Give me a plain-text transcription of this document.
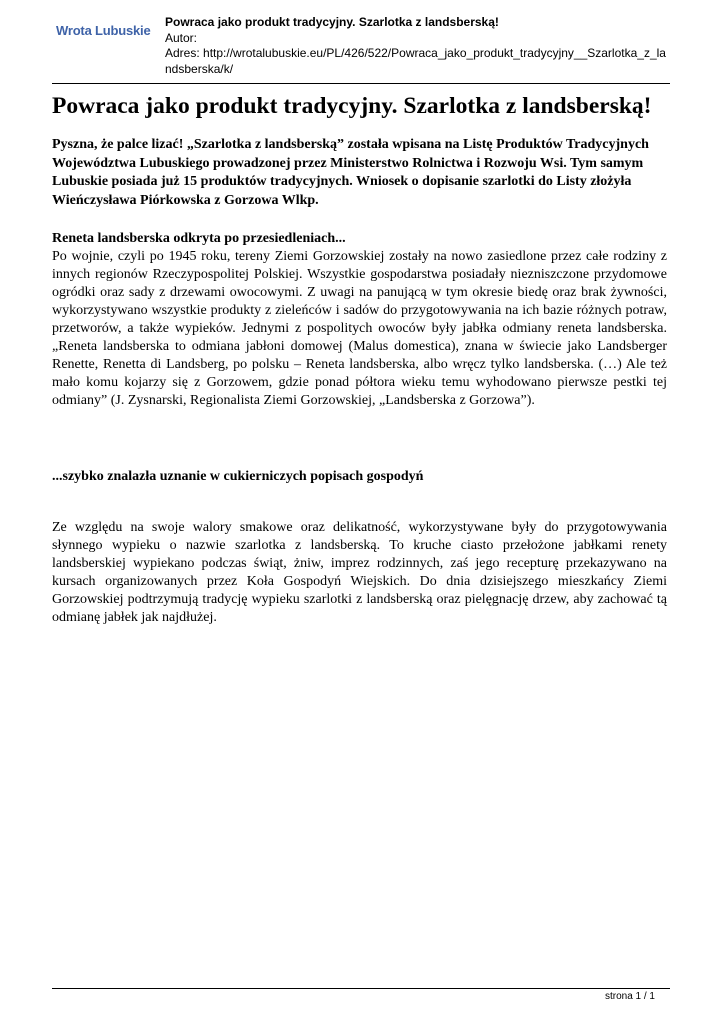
Wrota Lubuskie
Powraca jako produkt tradycyjny. Szarlotka z landsberską!
Autor:
Adres: http://wrotalubuskie.eu/PL/426/522/Powraca_jako_produkt_tradycyjny__Szarlotka_z_landsberska/k/
Powraca jako produkt tradycyjny. Szarlotka z landsberską!

Pyszna, że palce lizać! „Szarlotka z landsberską” została wpisana na Listę Produktów Tradycyjnych Województwa Lubuskiego prowadzonej przez Ministerstwo Rolnictwa i Rozwoju Wsi. Tym samym Lubuskie posiada już 15 produktów tradycyjnych. Wniosek o dopisanie szarlotki do Listy złożyła Wieńczysława Piórkowska z Gorzowa Wlkp.

Reneta landsberska odkryta po przesiedleniach...

Po wojnie, czyli po 1945 roku, tereny Ziemi Gorzowskiej zostały na nowo zasiedlone przez całe rodziny z innych regionów Rzeczypospolitej Polskiej. Wszystkie gospodarstwa posiadały niezniszczone przydomowe ogródki oraz sady z drzewami owocowymi. Z uwagi na panującą w tym okresie biedę oraz brak żywności, wykorzystywano wszystkie produkty z zieleńców i sadów do przygotowywania na ich bazie różnych potraw, przetworów, a także wypieków. Jednymi z pospolitych owoców były jabłka odmiany reneta landsberska. „Reneta landsberska to odmiana jabłoni domowej (Malus domestica), znana w świecie jako Landsberger Renette, Renetta di Landsberg, po polsku – Reneta landsberska, albo wręcz tylko landsberska. (…) Ale też mało komu kojarzy się z Gorzowem, gdzie ponad półtora wieku temu wyhodowano pierwsze pestki tej odmiany” (J. Zysnarski, Regionalista Ziemi Gorzowskiej, „Landsberska z Gorzowa”).

...szybko znalazła uznanie w cukierniczych popisach gospodyń

Ze względu na swoje walory smakowe oraz delikatność, wykorzystywane były do przygotowywania słynnego wypieku o nazwie szarlotka z landsberską. To kruche ciasto przełożone jabłkami renety landsberskiej wypiekano podczas świąt, żniw, imprez rodzinnych, zaś jego recepturę przekazywano na kursach organizowanych przez Koła Gospodyń Wiejskich. Do dnia dzisiejszego mieszkańcy Ziemi Gorzowskiej podtrzymują tradycję wypieku szarlotki z landsberską oraz pielęgnację drzew, aby zachować tą odmianę jabłek jak najdłużej.

strona 1 / 1
